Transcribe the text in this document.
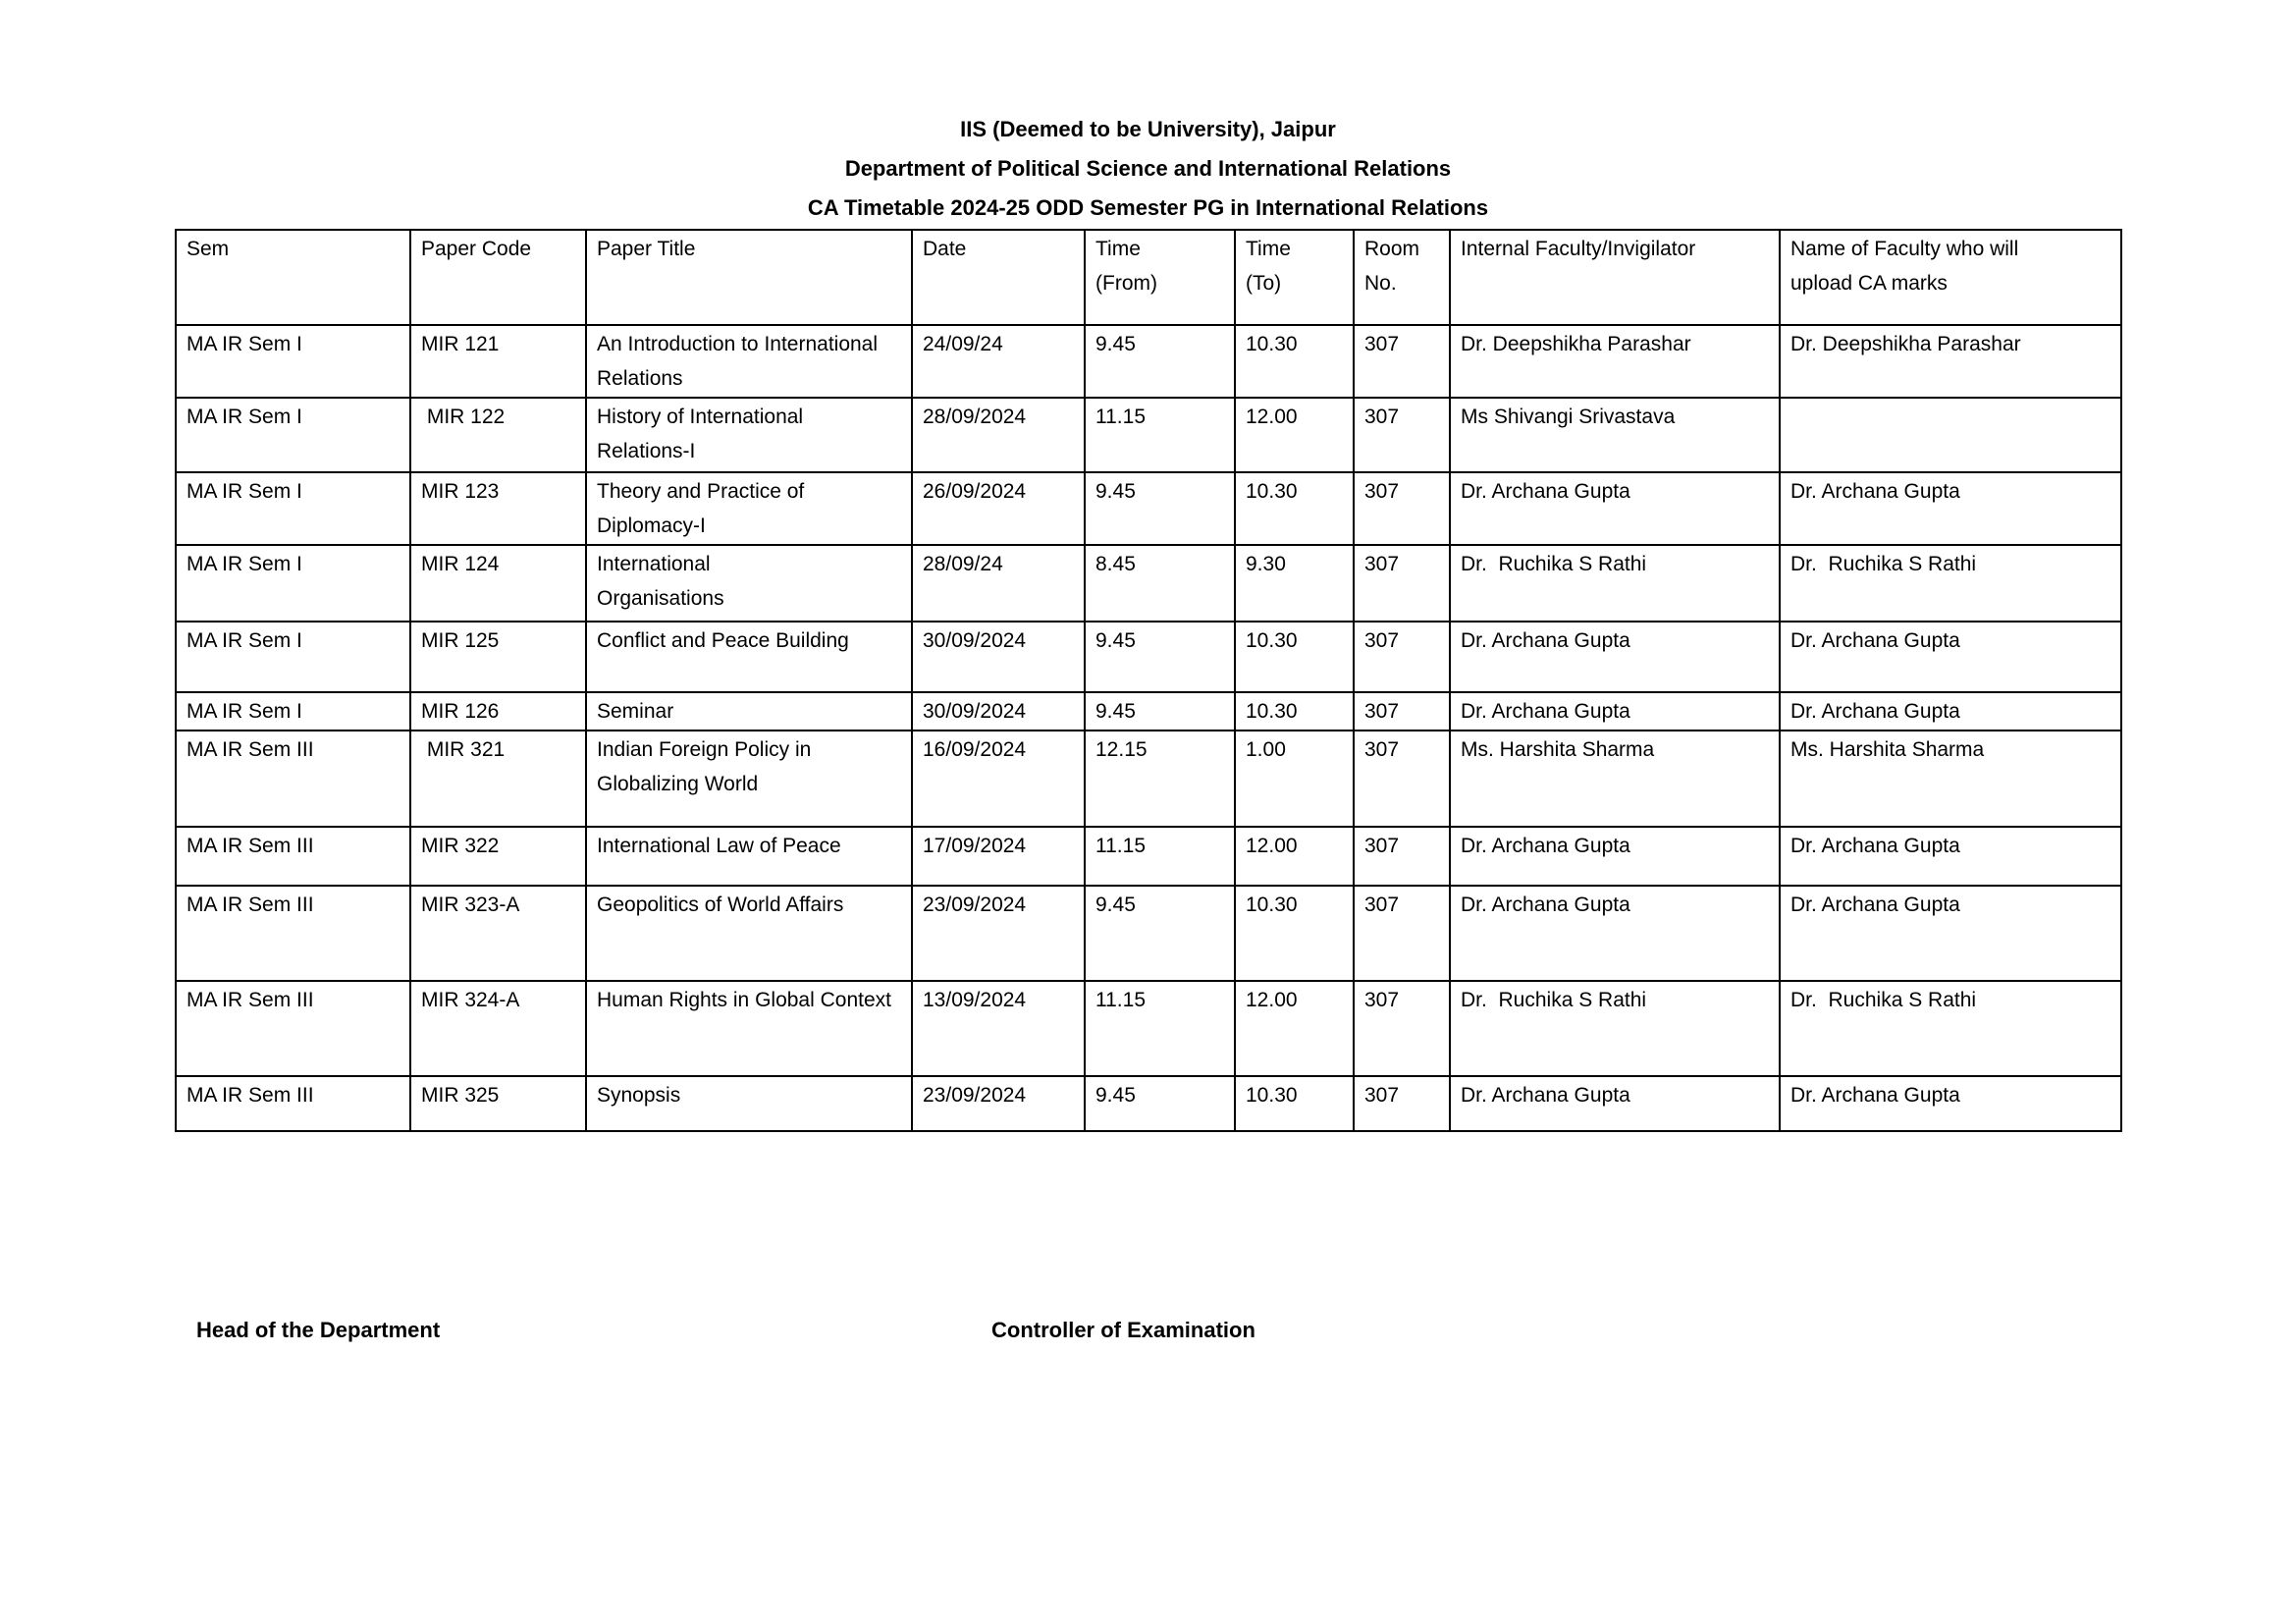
IIS (Deemed to be University), Jaipur
Department of Political Science and International Relations
CA Timetable 2024-25 ODD Semester PG in International Relations
Sem	Paper Code	Paper Title	Date	Time (From)	Time (To)	Room No.	Internal Faculty/Invigilator	Name of Faculty who will upload CA marks
MA IR Sem I	MIR 121	An Introduction to International Relations	24/09/24	9.45	10.30	307	Dr. Deepshikha Parashar	Dr. Deepshikha Parashar
MA IR Sem I	MIR 122	History of International Relations-I	28/09/2024	11.15	12.00	307	Ms Shivangi Srivastava	
MA IR Sem I	MIR 123	Theory and Practice of Diplomacy-I	26/09/2024	9.45	10.30	307	Dr. Archana Gupta	Dr. Archana Gupta
MA IR Sem I	MIR 124	International Organisations	28/09/24	8.45	9.30	307	Dr.  Ruchika S Rathi	Dr.  Ruchika S Rathi
MA IR Sem I	MIR 125	Conflict and Peace Building	30/09/2024	9.45	10.30	307	Dr. Archana Gupta	Dr. Archana Gupta
MA IR Sem I	MIR 126	Seminar	30/09/2024	9.45	10.30	307	Dr. Archana Gupta	Dr. Archana Gupta
MA IR Sem III	MIR 321	Indian Foreign Policy in Globalizing World	16/09/2024	12.15	1.00	307	Ms. Harshita Sharma	Ms. Harshita Sharma
MA IR Sem III	MIR 322	International Law of Peace	17/09/2024	11.15	12.00	307	Dr. Archana Gupta	Dr. Archana Gupta
MA IR Sem III	MIR 323-A	Geopolitics of World Affairs	23/09/2024	9.45	10.30	307	Dr. Archana Gupta	Dr. Archana Gupta
MA IR Sem III	MIR 324-A	Human Rights in Global Context	13/09/2024	11.15	12.00	307	Dr.  Ruchika S Rathi	Dr.  Ruchika S Rathi
MA IR Sem III	MIR 325	Synopsis	23/09/2024	9.45	10.30	307	Dr. Archana Gupta	Dr. Archana Gupta
Head of the Department	Controller of Examination
